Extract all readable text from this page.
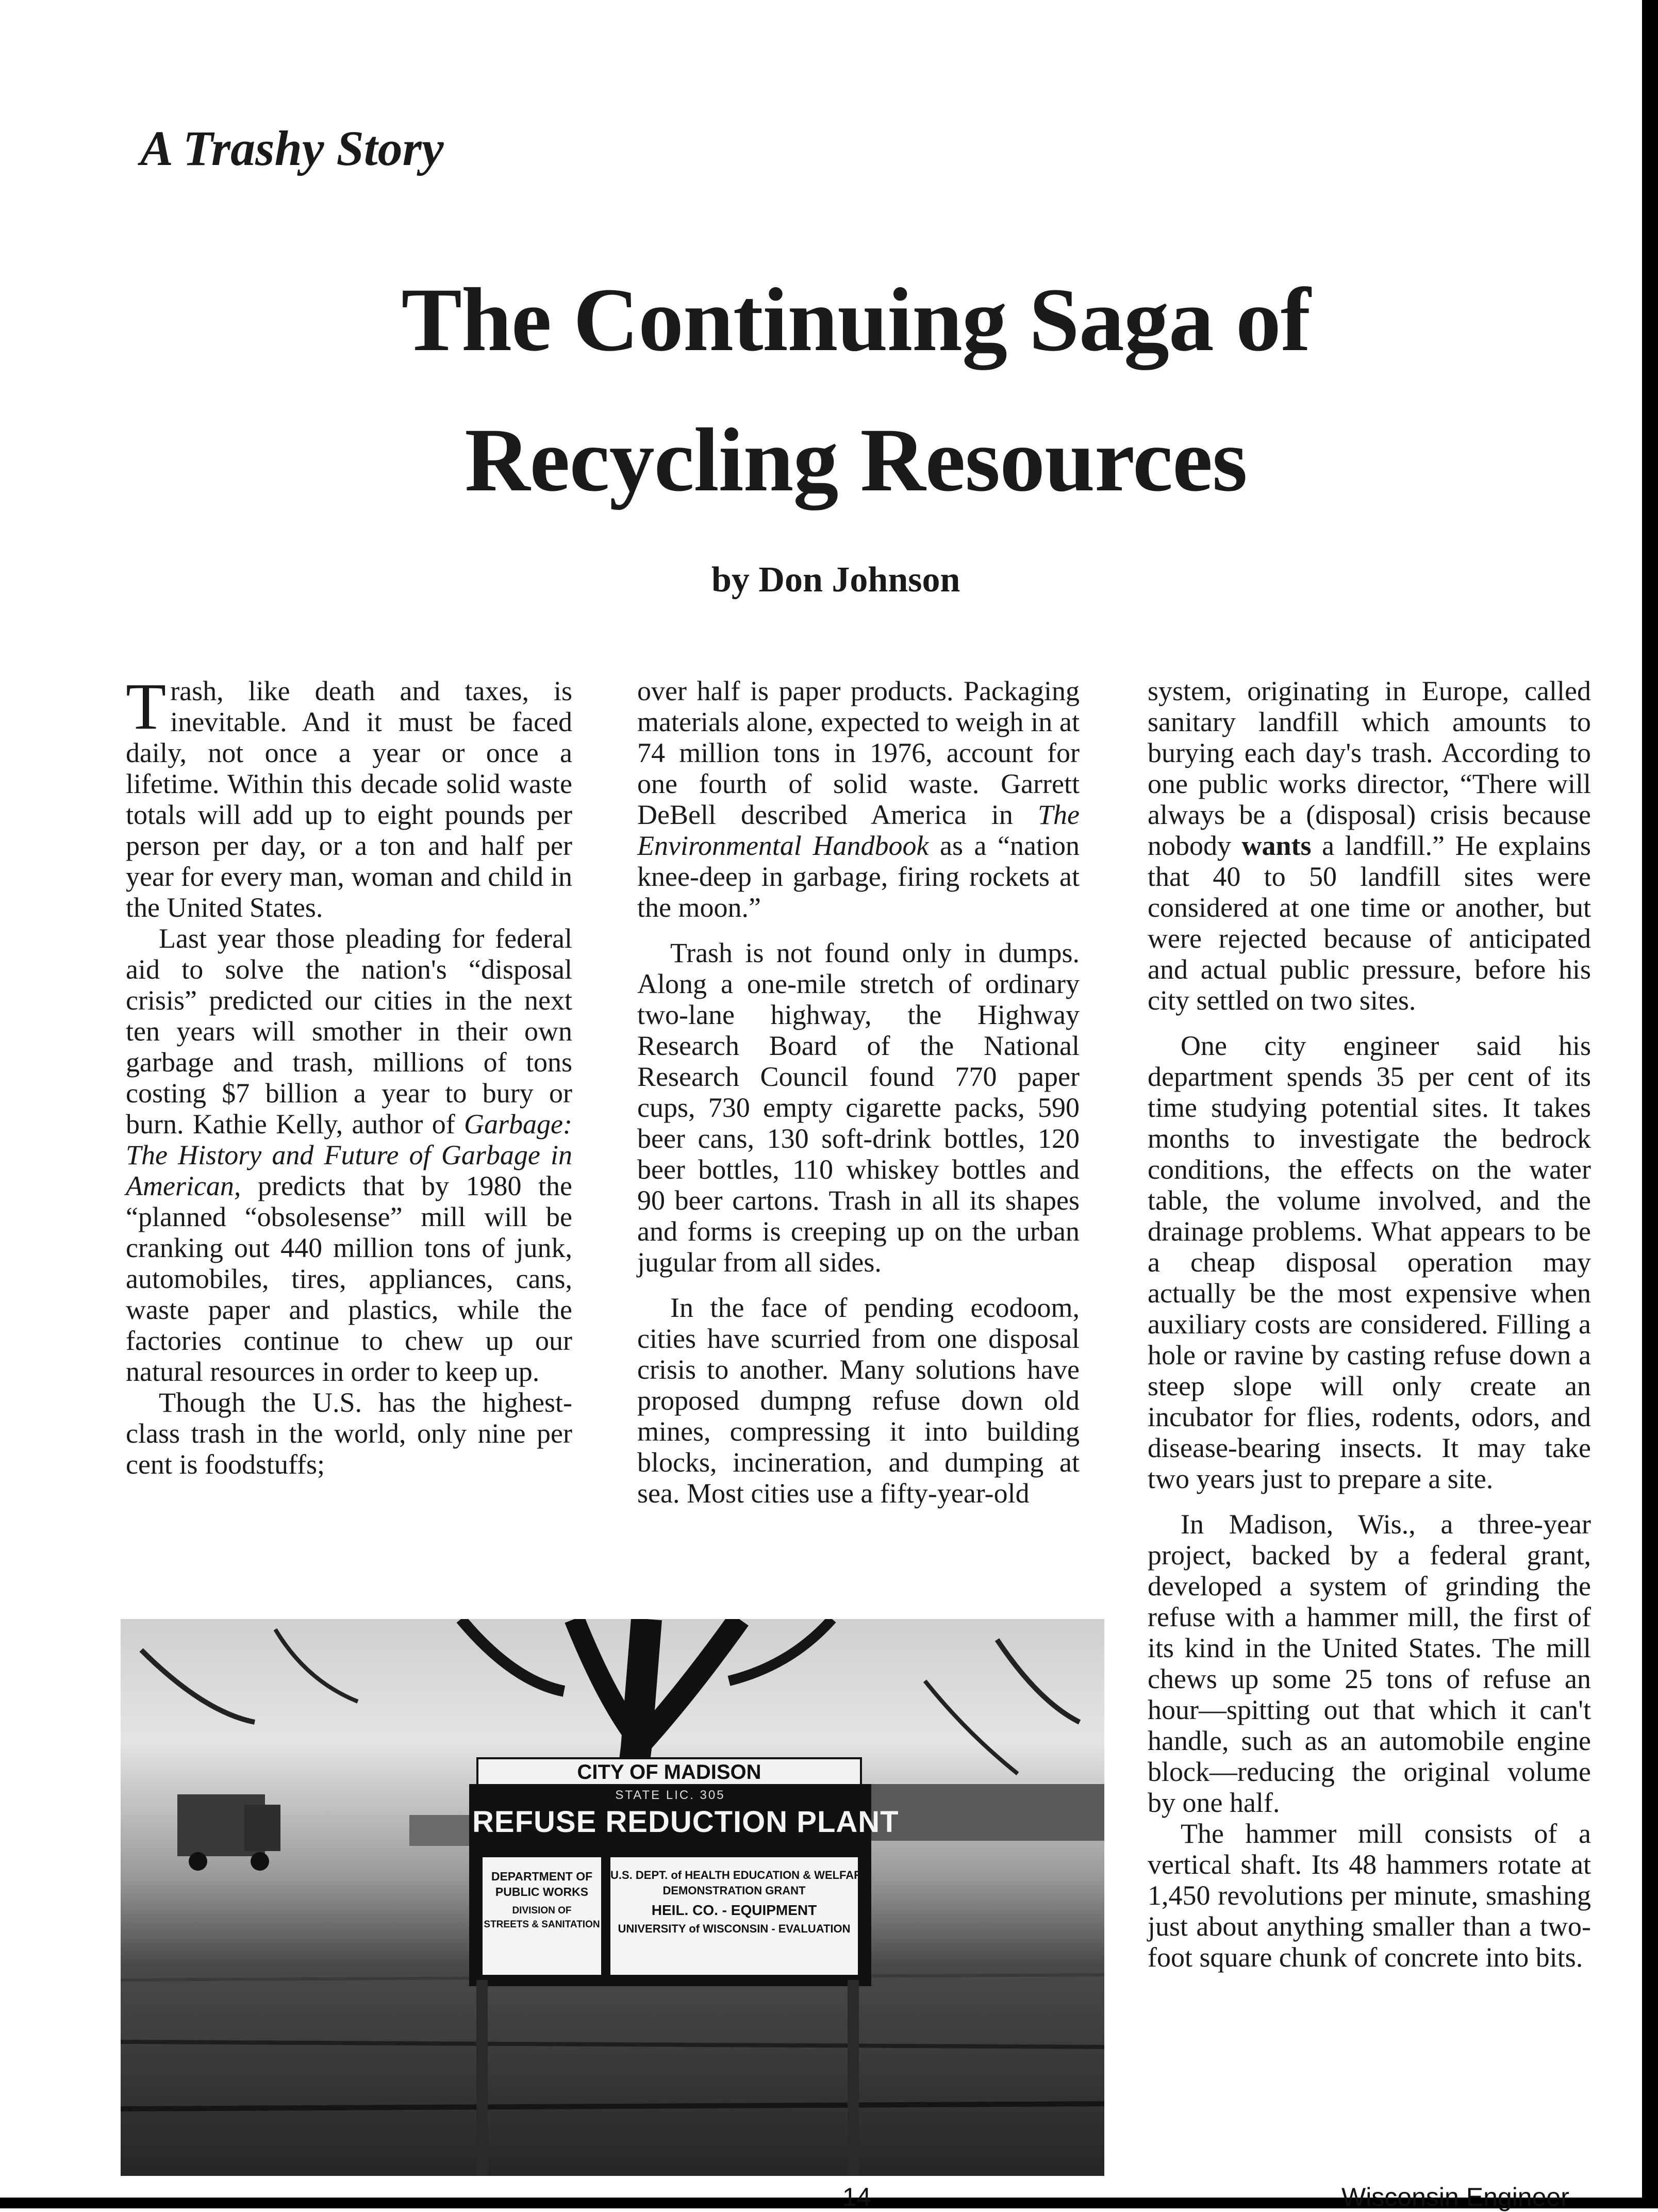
A Trashy Story
The Continuing Saga of
Recycling Resources
by Don Johnson

Trash, like death and taxes, is inevitable. And it must be faced daily, not once a year or once a lifetime. Within this decade solid waste totals will add up to eight pounds per person per day, or a ton and half per year for every man, woman and child in the United States.

Last year those pleading for federal aid to solve the nation's “disposal crisis” predicted our cities in the next ten years will smother in their own garbage and trash, millions of tons costing $7 billion a year to bury or burn. Kathie Kelly, author of Garbage: The History and Future of Garbage in American, predicts that by 1980 the “planned “obsolesense” mill will be cranking out 440 million tons of junk, automobiles, tires, appliances, cans, waste paper and plastics, while the factories continue to chew up our natural resources in order to keep up.

Though the U.S. has the highest-class trash in the world, only nine per cent is foodstuffs;

over half is paper products. Packaging materials alone, expected to weigh in at 74 million tons in 1976, account for one fourth of solid waste. Garrett DeBell described America in The Environmental Handbook as a “nation knee-deep in garbage, firing rockets at the moon.”

Trash is not found only in dumps. Along a one-mile stretch of ordinary two-lane highway, the Highway Research Board of the National Research Council found 770 paper cups, 730 empty cigarette packs, 590 beer cans, 130 soft-drink bottles, 120 beer bottles, 110 whiskey bottles and 90 beer cartons. Trash in all its shapes and forms is creeping up on the urban jugular from all sides.

In the face of pending ecodoom, cities have scurried from one disposal crisis to another. Many solutions have proposed dumpng refuse down old mines, compressing it into building blocks, incineration, and dumping at sea. Most cities use a fifty-year-old

system, originating in Europe, called sanitary landfill which amounts to burying each day's trash. According to one public works director, “There will always be a (disposal) crisis because nobody wants a landfill.” He explains that 40 to 50 landfill sites were considered at one time or another, but were rejected because of anticipated and actual public pressure, before his city settled on two sites.

One city engineer said his department spends 35 per cent of its time studying potential sites. It takes months to investigate the bedrock conditions, the effects on the water table, the volume involved, and the drainage problems. What appears to be a cheap disposal operation may actually be the most expensive when auxiliary costs are considered. Filling a hole or ravine by casting refuse down a steep slope will only create an incubator for flies, rodents, odors, and disease-bearing insects. It may take two years just to prepare a site.

In Madison, Wis., a three-year project, backed by a federal grant, developed a system of grinding the refuse with a hammer mill, the first of its kind in the United States. The mill chews up some 25 tons of refuse an hour—spitting out that which it can't handle, such as an automobile engine block—reducing the original volume by one half.

The hammer mill consists of a vertical shaft. Its 48 hammers rotate at 1,450 revolutions per minute, smashing just about anything smaller than a two-foot square chunk of concrete into bits.

CITY OF MADISON
STATE LIC. 305
REFUSE REDUCTION PLANT
DEPARTMENT OF
PUBLIC WORKS
DIVISION OF
STREETS & SANITATION
U.S. DEPT. of HEALTH EDUCATION & WELFARE
DEMONSTRATION GRANT
HEIL. CO. - EQUIPMENT
UNIVERSITY of WISCONSIN - EVALUATION
14	Wisconsin Engineer
